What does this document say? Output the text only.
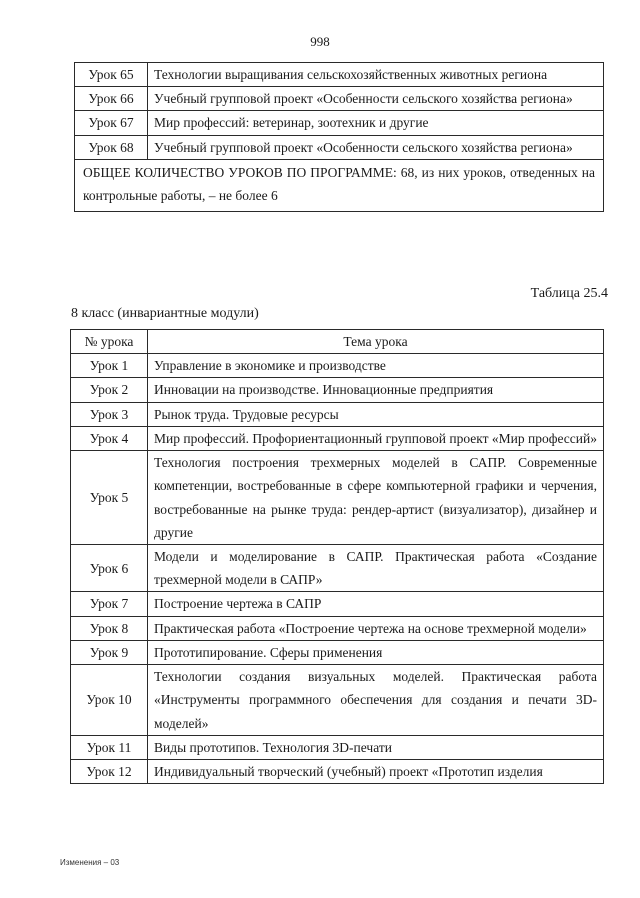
998
Урок 65	Технологии выращивания сельскохозяйственных животных региона
Урок 66	Учебный групповой проект «Особенности сельского хозяйства региона»
Урок 67	Мир профессий: ветеринар, зоотехник и другие
Урок 68	Учебный групповой проект «Особенности сельского хозяйства региона»
ОБЩЕЕ КОЛИЧЕСТВО УРОКОВ ПО ПРОГРАММЕ: 68, из них уроков, отведенных на контрольные работы, – не более 6	
Таблица 25.4
8 класс (инвариантные модули)
№ урока	Тема урока
Урок 1	Управление в экономике и производстве
Урок 2	Инновации на производстве. Инновационные предприятия
Урок 3	Рынок труда. Трудовые ресурсы
Урок 4	Мир профессий. Профориентационный групповой проект «Мир профессий»
Урок 5	Технология построения трехмерных моделей в САПР. Современные компетенции, востребованные в сфере компьютерной графики и черчения, востребованные на рынке труда: рендер-артист (визуализатор), дизайнер и другие
Урок 6	Модели и моделирование в САПР. Практическая работа «Создание трехмерной модели в САПР»
Урок 7	Построение чертежа в САПР
Урок 8	Практическая работа «Построение чертежа на основе трехмерной модели»
Урок 9	Прототипирование. Сферы применения
Урок 10	Технологии создания визуальных моделей. Практическая работа «Инструменты программного обеспечения для создания и печати 3D-моделей»
Урок 11	Виды прототипов. Технология 3D-печати
Урок 12	Индивидуальный творческий (учебный) проект «Прототип изделия
Изменения – 03
